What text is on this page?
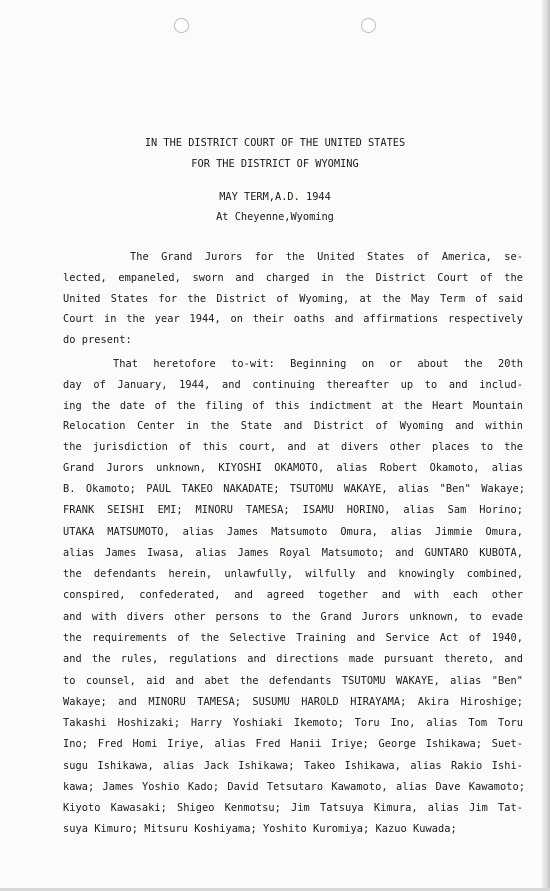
IN THE DISTRICT COURT OF THE UNITED STATES
FOR THE DISTRICT OF WYOMING
MAY TERM,A.D. 1944
At Cheyenne,Wyoming
The Grand Jurors for the United States of America, se-
lected, empaneled, sworn and charged in the District Court of the
United States for the District of Wyoming, at the May Term of said
Court in the year 1944, on their oaths and affirmations respectively
do present:
That heretofore to-wit: Beginning on or about the 20th
day of January, 1944, and continuing thereafter up to and includ-
ing the date of the filing of this indictment at the Heart Mountain
Relocation Center in the State and District of Wyoming and within
the jurisdiction of this court, and at divers other places to the
Grand Jurors unknown, KIYOSHI OKAMOTO, alias Robert Okamoto, alias
B. Okamoto; PAUL TAKEO NAKADATE; TSUTOMU WAKAYE, alias "Ben" Wakaye;
FRANK SEISHI EMI; MINORU TAMESA; ISAMU HORINO, alias Sam Horino;
UTAKA MATSUMOTO, alias James Matsumoto Omura, alias Jimmie Omura,
alias James Iwasa, alias James Royal Matsumoto; and GUNTARO KUBOTA,
the defendants herein, unlawfully, wilfully and knowingly combined,
conspired, confederated, and agreed together and with each other
and with divers other persons to the Grand Jurors unknown, to evade
the requirements of the Selective Training and Service Act of 1940,
and the rules, regulations and directions made pursuant thereto, and
to counsel, aid and abet the defendants TSUTOMU WAKAYE, alias "Ben"
Wakaye; and MINORU TAMESA; SUSUMU HAROLD HIRAYAMA; Akira Hiroshige;
Takashi Hoshizaki; Harry Yoshiaki Ikemoto; Toru Ino, alias Tom Toru
Ino; Fred Homi Iriye, alias Fred Hanii Iriye; George Ishikawa; Suet-
sugu Ishikawa, alias Jack Ishikawa; Takeo Ishikawa, alias Rakio Ishi-
kawa; James Yoshio Kado; David Tetsutaro Kawamoto, alias Dave Kawamoto;
Kiyoto Kawasaki; Shigeo Kenmotsu; Jim Tatsuya Kimura, alias Jim Tat-
suya Kimuro; Mitsuru Koshiyama; Yoshito Kuromiya; Kazuo Kuwada;
